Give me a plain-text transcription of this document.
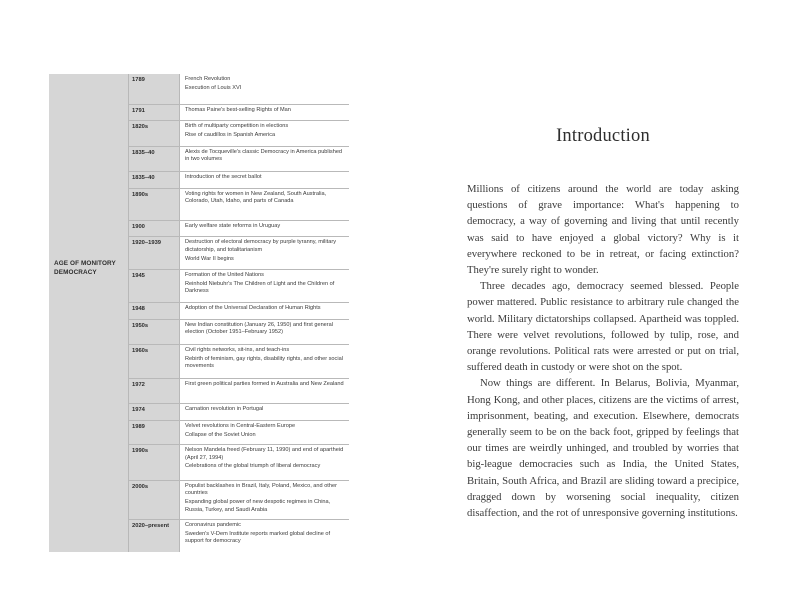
AGE OF MONITORY DEMOCRACY
1789	French Revolution
Execution of Louis XVI
1791	Thomas Paine's best-selling Rights of Man
1820s	Birth of multiparty competition in elections
Rise of caudillos in Spanish America
1835–40	Alexis de Tocqueville's classic Democracy in America published in two volumes
1835–40	Introduction of the secret ballot
1890s	Voting rights for women in New Zealand, South Australia, Colorado, Utah, Idaho, and parts of Canada
1900	Early welfare state reforms in Uruguay
1920–1939	Destruction of electoral democracy by purple tyranny, military dictatorship, and totalitarianism
World War II begins
1945	Formation of the United Nations
Reinhold Niebuhr's The Children of Light and the Children of Darkness
1948	Adoption of the Universal Declaration of Human Rights
1950s	New Indian constitution (January 26, 1950) and first general election (October 1951–February 1952)
1960s	Civil rights networks, sit-ins, and teach-ins
Rebirth of feminism, gay rights, disability rights, and other social movements
1972	First green political parties formed in Australia and New Zealand
1974	Carnation revolution in Portugal
1989	Velvet revolutions in Central-Eastern Europe
Collapse of the Soviet Union
1990s	Nelson Mandela freed (February 11, 1990) and end of apartheid (April 27, 1994)
Celebrations of the global triumph of liberal democracy
2000s	Populist backlashes in Brazil, Italy, Poland, Mexico, and other countries
Expanding global power of new despotic regimes in China, Russia, Turkey, and Saudi Arabia
2020–present	Coronavirus pandemic
Sweden's V-Dem Institute reports marked global decline of support for democracy
Introduction

Millions of citizens around the world are today asking questions of grave importance: What's happening to democracy, a way of governing and living that until recently was said to have enjoyed a global victory? Why is it everywhere reckoned to be in retreat, or facing extinction? They're surely right to wonder.

Three decades ago, democracy seemed blessed. People power mattered. Public resistance to arbitrary rule changed the world. Military dictatorships collapsed. Apartheid was toppled. There were velvet revolutions, followed by tulip, rose, and orange revolutions. Political rats were arrested or put on trial, suffered death in custody or were shot on the spot.

Now things are different. In Belarus, Bolivia, Myanmar, Hong Kong, and other places, citizens are the victims of arrest, imprisonment, beating, and execution. Elsewhere, democrats generally seem to be on the back foot, gripped by feelings that our times are weirdly unhinged, and troubled by worries that big-league democracies such as India, the United States, Britain, South Africa, and Brazil are sliding toward a precipice, dragged down by worsening social inequality, citizen disaffection, and the rot of unresponsive governing institutions.
